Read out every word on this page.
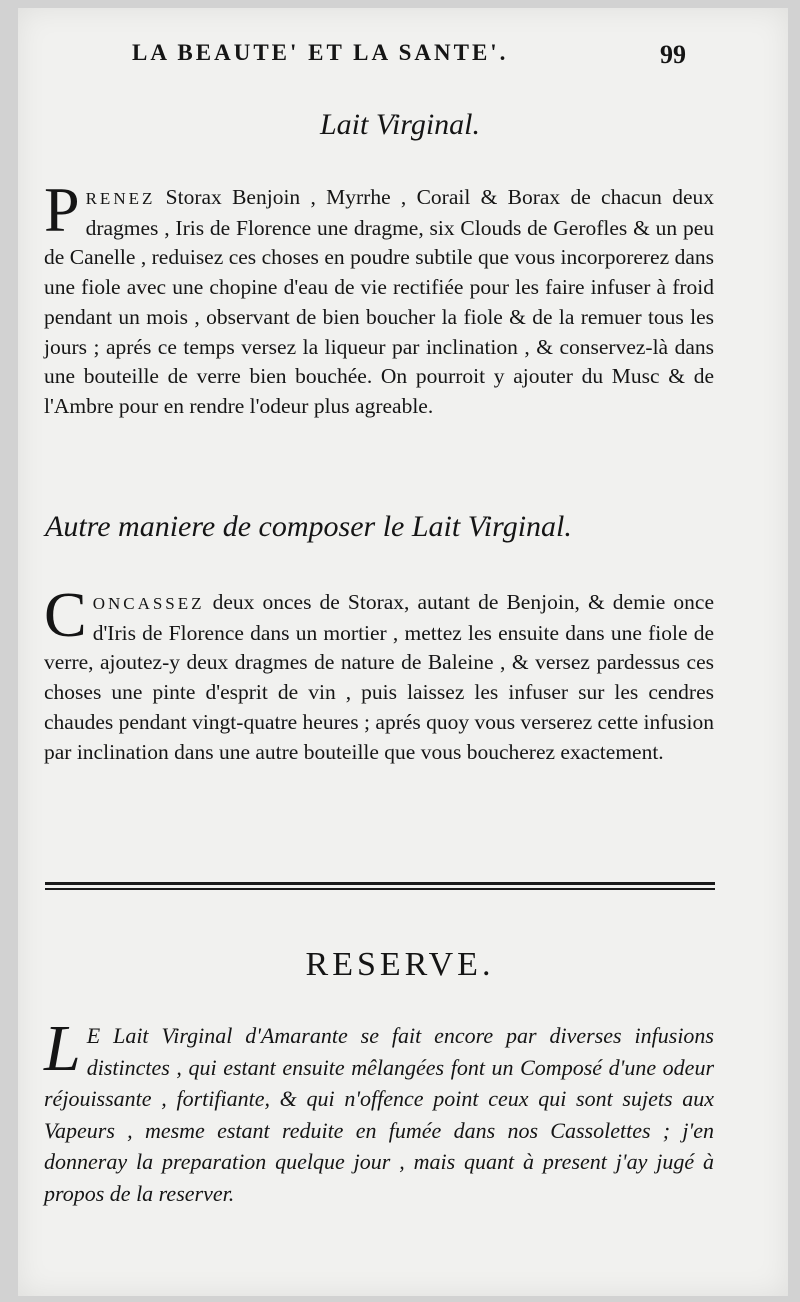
LA BEAUTE' ET LA SANTE'.	99
Lait Virginal.
PRENEZ Storax Benjoin , Myrrhe , Corail & Borax de chacun deux dragmes , Iris de Florence une dragme, six Clouds de Gerofles & un peu de Canelle , reduisez ces choses en poudre subtile que vous incorporerez dans une fiole avec une chopine d'eau de vie rectifiée pour les faire infuser à froid pendant un mois , observant de bien boucher la fiole & de la remuer tous les jours ; aprés ce temps versez la liqueur par inclination , & conservez-là dans une bouteille de verre bien bouchée. On pourroit y ajouter du Musc & de l'Ambre pour en rendre l'odeur plus agreable.
Autre maniere de composer le Lait Virginal.
CONCASSEZ deux onces de Storax, autant de Benjoin, & demie once d'Iris de Florence dans un mortier , mettez les ensuite dans une fiole de verre, ajoutez-y deux dragmes de nature de Baleine , & versez pardessus ces choses une pinte d'esprit de vin , puis laissez les infuser sur les cendres chaudes pendant vingt-quatre heures ; aprés quoy vous verserez cette infusion par inclination dans une autre bouteille que vous boucherez exactement.
RESERVE.
L E Lait Virginal d'Amarante se fait encore par diverses infusions distinctes , qui estant ensuite mêlangées font un Composé d'une odeur réjouissante , fortifiante, & qui n'offence point ceux qui sont sujets aux Vapeurs , mesme estant reduite en fumée dans nos Cassolettes ; j'en donneray la preparation quelque jour , mais quant à present j'ay jugé à propos de la reserver.
